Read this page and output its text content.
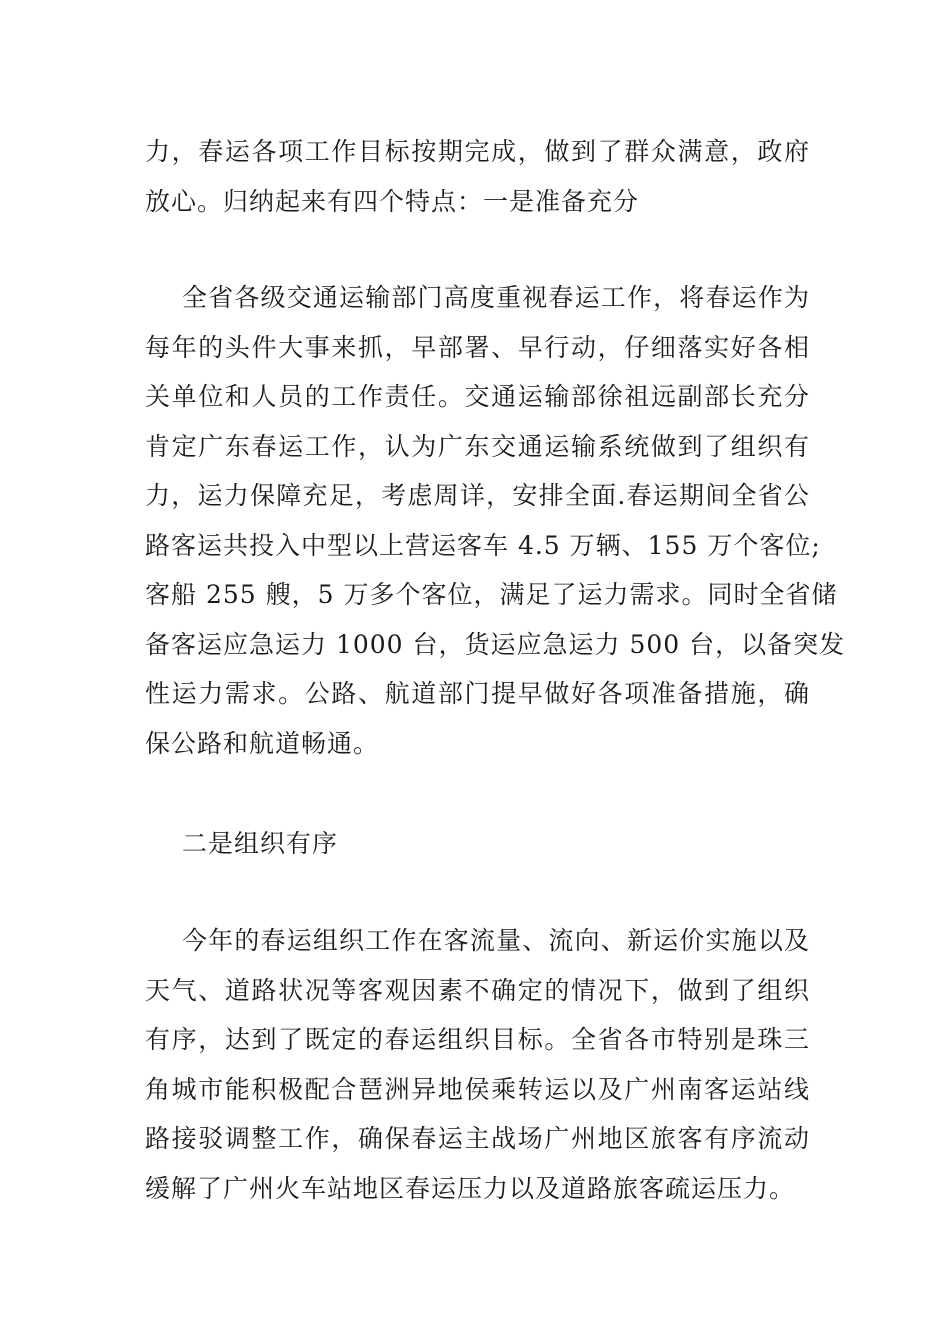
力，春运各项工作目标按期完成，做到了群众满意，政府
放心。归纳起来有四个特点：一是准备充分
全省各级交通运输部门高度重视春运工作，将春运作为
每年的头件大事来抓，早部署、早行动，仔细落实好各相
关单位和人员的工作责任。交通运输部徐祖远副部长充分
肯定广东春运工作，认为广东交通运输系统做到了组织有
力，运力保障充足，考虑周详，安排全面.春运期间全省公
路客运共投入中型以上营运客车 4.5 万辆、155 万个客位;
客船 255 艘，5 万多个客位，满足了运力需求。同时全省储
备客运应急运力 1000 台，货运应急运力 500 台，以备突发
性运力需求。公路、航道部门提早做好各项准备措施，确
保公路和航道畅通。
二是组织有序
今年的春运组织工作在客流量、流向、新运价实施以及
天气、道路状况等客观因素不确定的情况下，做到了组织
有序，达到了既定的春运组织目标。全省各市特别是珠三
角城市能积极配合琶洲异地侯乘转运以及广州南客运站线
路接驳调整工作，确保春运主战场广州地区旅客有序流动
缓解了广州火车站地区春运压力以及道路旅客疏运压力。
